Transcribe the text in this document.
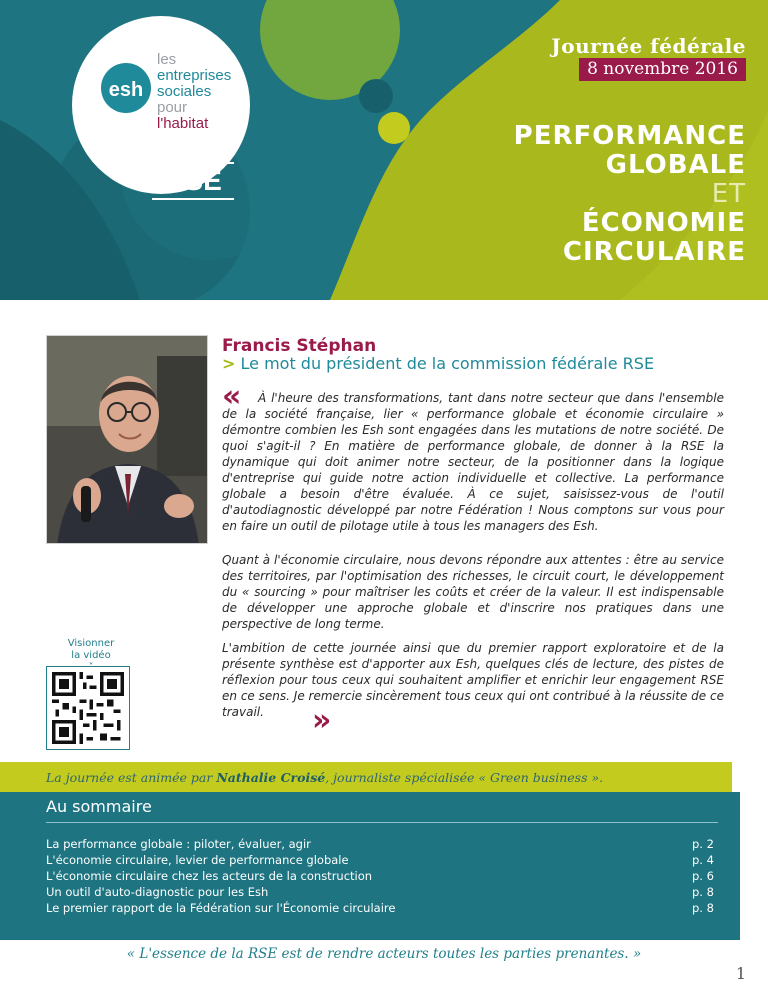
esh
les
entreprises
sociales
pour
l'habitat
RSE
Journée fédérale
8 novembre 2016
PERFORMANCE
GLOBALE
ET
ÉCONOMIE
CIRCULAIRE
Francis Stéphan
> Le mot du président de la commission fédérale RSE
«	À l'heure des transformations, tant dans notre secteur que dans l'ensemble de la société française, lier « performance globale et économie circulaire » démontre combien les Esh sont engagées dans les mutations de notre société. De quoi s'agit-il ? En matière de performance globale, de donner à la RSE la dynamique qui doit animer notre secteur, de la positionner dans la logique d'entreprise qui guide notre action individuelle et collective. La performance globale a besoin d'être évaluée. À ce sujet, saisissez-vous de l'outil d'autodiagnostic développé par notre Fédération ! Nous comptons sur vous pour en faire un outil de pilotage utile à tous les managers des Esh.

Quant à l'économie circulaire, nous devons répondre aux attentes : être au service des territoires, par l'optimisation des richesses, le circuit court, le développement du « sourcing » pour maîtriser les coûts et créer de la valeur. Il est indispensable de développer une approche globale et d'inscrire nos pratiques dans une perspective de long terme.

L'ambition de cette journée ainsi que du premier rapport exploratoire et de la présente synthèse est d'apporter aux Esh, quelques clés de lecture, des pistes de réflexion pour tous ceux qui souhaitent amplifier et enrichir leur engagement RSE en ce sens. Je remercie sincèrement tous ceux qui ont contribué à la réussite de ce travail.	»
Visionner
la vidéo
La journée est animée par Nathalie Croisé, journaliste spécialisée « Green business ».
Au sommaire
La performance globale : piloter, évaluer, agir	p. 2
L'économie circulaire, levier de performance globale	p. 4
L'économie circulaire chez les acteurs de la construction	p. 6
Un outil d'auto-diagnostic pour les Esh	p. 8
Le premier rapport de la Fédération sur l'Économie circulaire	p. 8
« L'essence de la RSE est de rendre acteurs toutes les parties prenantes. »
1
